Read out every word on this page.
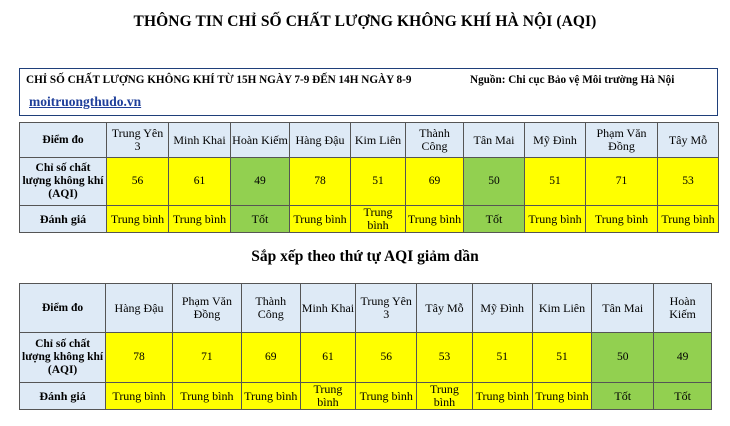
THÔNG TIN CHỈ SỐ CHẤT LƯỢNG KHÔNG KHÍ HÀ NỘI (AQI)
CHỈ SỐ CHẤT LƯỢNG KHÔNG KHÍ TỪ 15H NGÀY 7-9 ĐẾN 14H NGÀY 8-9	Nguồn: Chi cục Bảo vệ Môi trường Hà Nội
moitruongthudo.vn
Điểm đo	Trung Yên 3	Minh Khai	Hoàn Kiếm	Hàng Đậu	Kim Liên	Thành Công	Tân Mai	Mỹ Đình	Phạm Văn Đồng	Tây Mỗ
Chỉ số chất lượng không khí (AQI)	56	61	49	78	51	69	50	51	71	53
Đánh giá	Trung bình	Trung bình	Tốt	Trung bình	Trung bình	Trung bình	Tốt	Trung bình	Trung bình	Trung bình
Sắp xếp theo thứ tự AQI giảm dần
Điểm đo	Hàng Đậu	Phạm Văn Đồng	Thành Công	Minh Khai	Trung Yên 3	Tây Mỗ	Mỹ Đình	Kim Liên	Tân Mai	Hoàn Kiếm
Chỉ số chất lượng không khí (AQI)	78	71	69	61	56	53	51	51	50	49
Đánh giá	Trung bình	Trung bình	Trung bình	Trung bình	Trung bình	Trung bình	Trung bình	Trung bình	Tốt	Tốt
